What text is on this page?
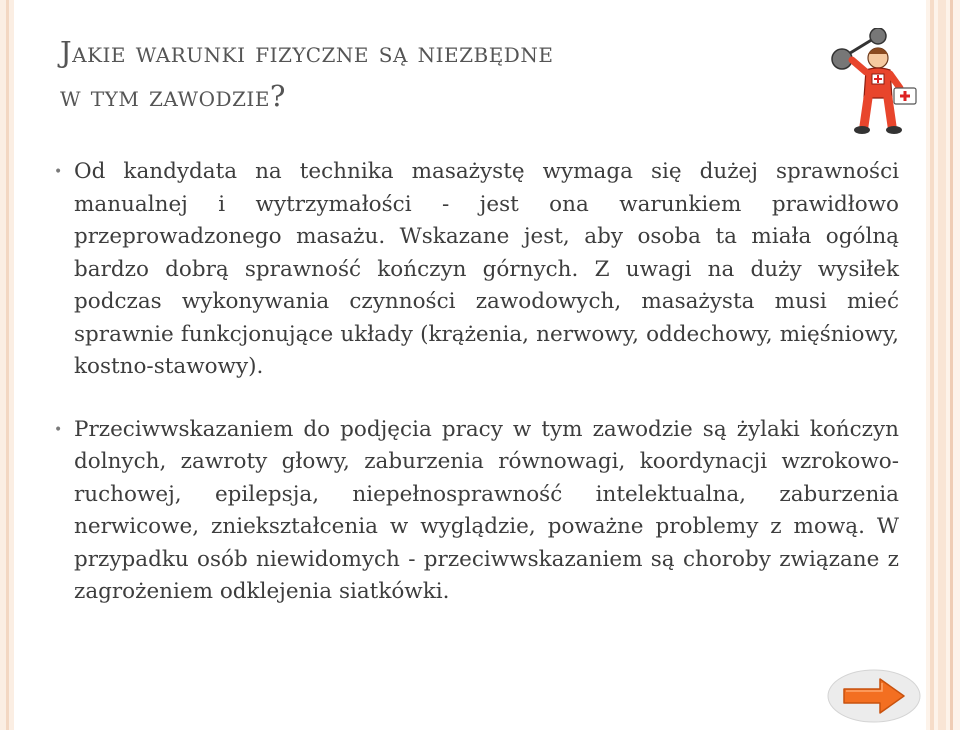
Jakie warunki fizyczne są niezbędne
w tym zawodzie?
• Od kandydata na technika masażystę wymaga się dużej sprawności manualnej i wytrzymałości - jest ona warunkiem prawidłowo przeprowadzonego masażu. Wskazane jest, aby osoba ta miała ogólną bardzo dobrą sprawność kończyn górnych. Z uwagi na duży wysiłek podczas wykonywania czynności zawodowych, masażysta musi mieć sprawnie funkcjonujące układy (krążenia, nerwowy, oddechowy, mięśniowy, kostno-stawowy).
• Przeciwwskazaniem do podjęcia pracy w tym zawodzie są żylaki kończyn dolnych, zawroty głowy, zaburzenia równowagi, koordynacji wzrokowo-ruchowej, epilepsja, niepełnosprawność intelektualna, zaburzenia nerwicowe, zniekształcenia w wyglądzie, poważne problemy z mową. W przypadku osób niewidomych - przeciwwskazaniem są choroby związane z zagrożeniem odklejenia siatkówki.
